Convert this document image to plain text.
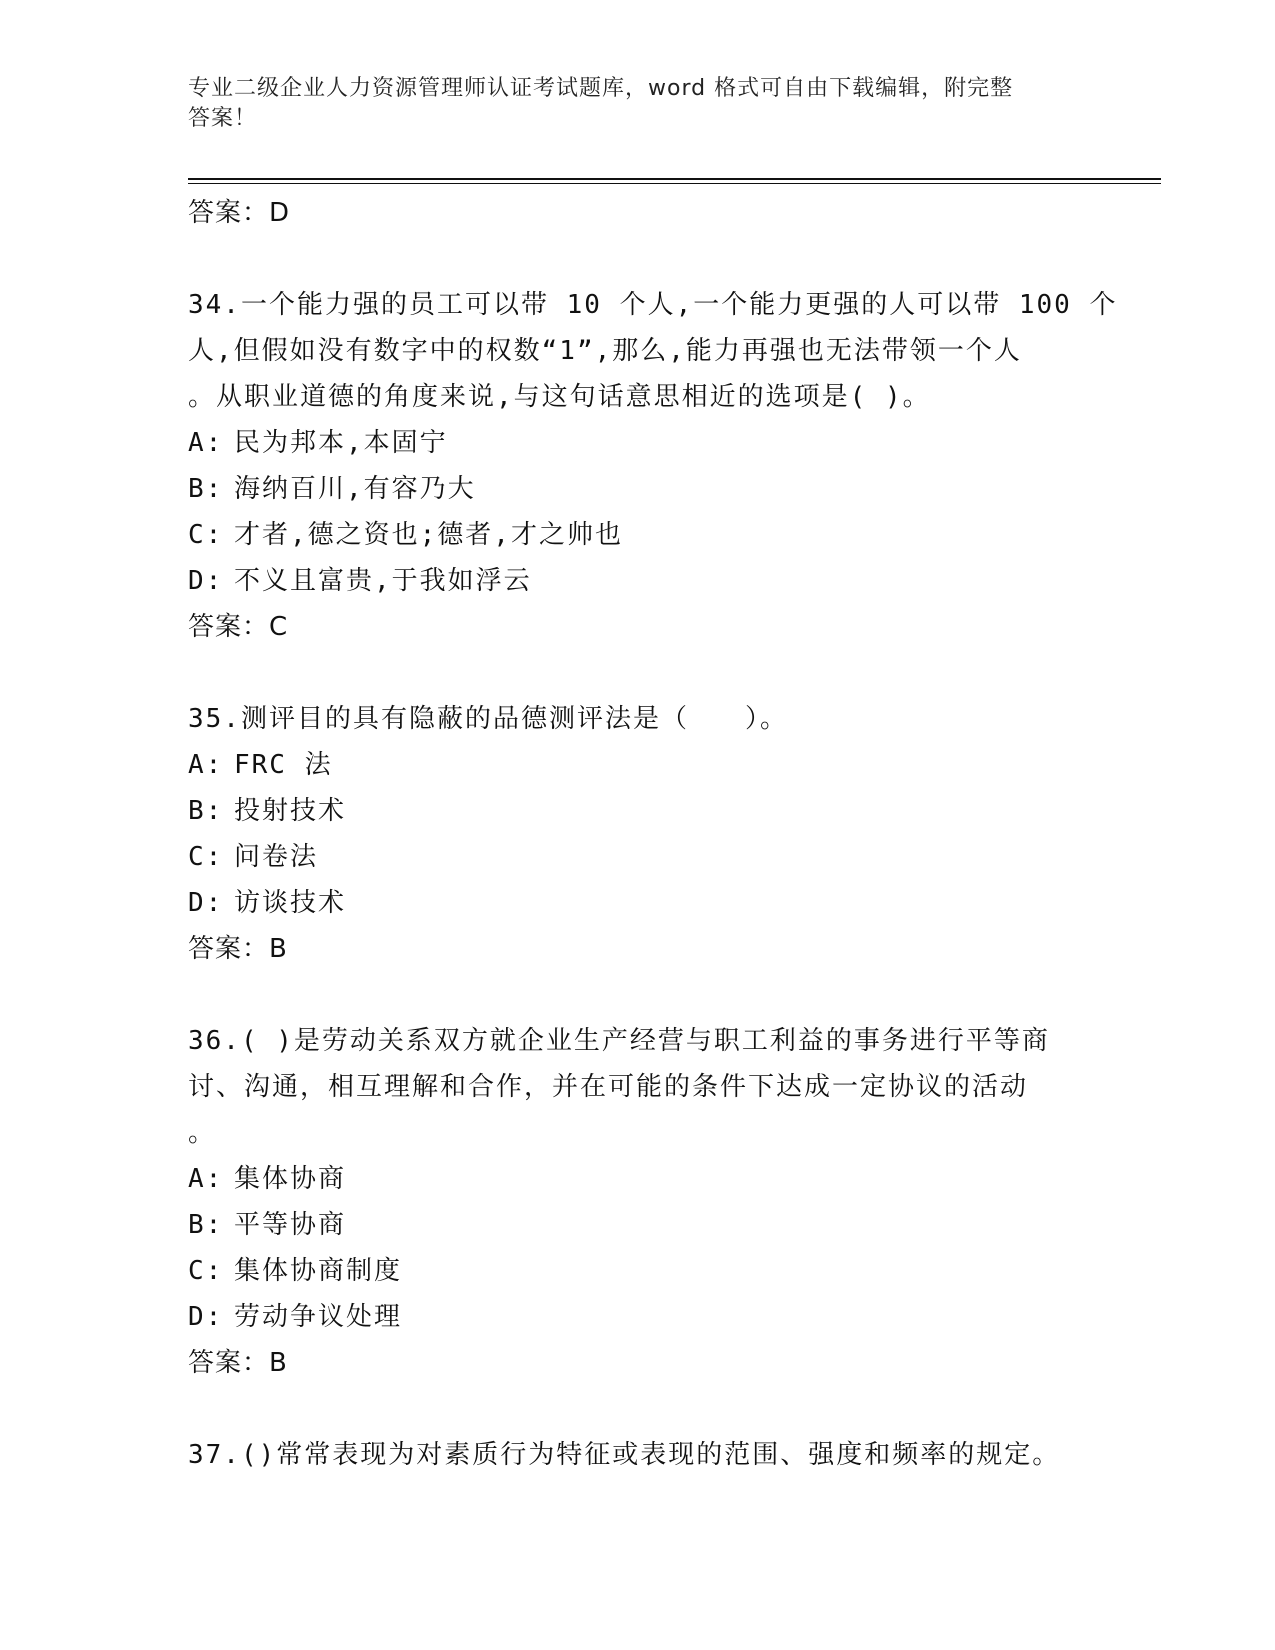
专业二级企业人力资源管理师认证考试题库，word 格式可自由下载编辑，附完整
答案！
答案：D
34.一个能力强的员工可以带 10 个人,一个能力更强的人可以带 100 个
人,但假如没有数字中的权数“1”,那么,能力再强也无法带领一个人
。从职业道德的角度来说,与这句话意思相近的选项是( )。
A: 民为邦本,本固宁
B: 海纳百川,有容乃大
C: 才者,德之资也;德者,才之帅也
D: 不义且富贵,于我如浮云
答案：C
35.测评目的具有隐蔽的品德测评法是（　　）。
A: FRC 法
B: 投射技术
C: 问卷法
D: 访谈技术
答案：B
36.( )是劳动关系双方就企业生产经营与职工利益的事务进行平等商
讨、沟通，相互理解和合作，并在可能的条件下达成一定协议的活动
。
A: 集体协商
B: 平等协商
C: 集体协商制度
D: 劳动争议处理
答案：B
37.()常常表现为对素质行为特征或表现的范围、强度和频率的规定。
